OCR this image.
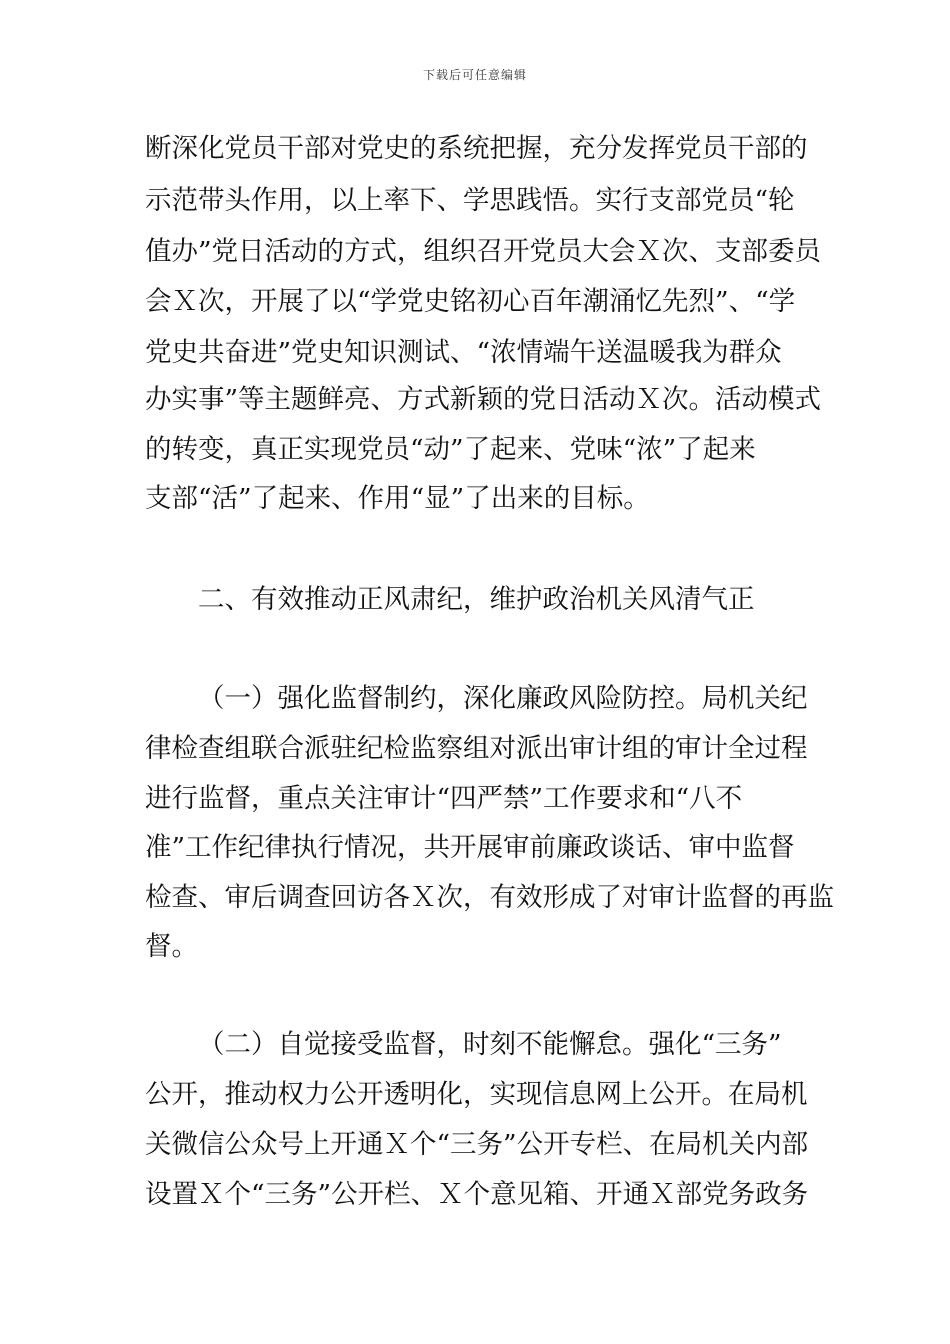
下载后可任意编辑
断深化党员干部对党史的系统把握，充分发挥党员干部的
示范带头作用，以上率下、学思践悟。实行支部党员“轮
值办”党日活动的方式，组织召开党员大会Ｘ次、支部委员
会Ｘ次，开展了以“学党史铭初心百年潮涌忆先烈”、“学
党史共奋进”党史知识测试、“浓情端午送温暖我为群众
办实事”等主题鲜亮、方式新颖的党日活动Ｘ次。活动模式
的转变，真正实现党员“动”了起来、党味“浓”了起来
支部“活”了起来、作用“显”了出来的目标。
二、有效推动正风肃纪，维护政治机关风清气正
（一）强化监督制约，深化廉政风险防控。局机关纪
律检查组联合派驻纪检监察组对派出审计组的审计全过程
进行监督，重点关注审计“四严禁”工作要求和“八不
准”工作纪律执行情况，共开展审前廉政谈话、审中监督
检查、审后调查回访各Ｘ次，有效形成了对审计监督的再监
督。
（二）自觉接受监督，时刻不能懈怠。强化“三务”
公开，推动权力公开透明化，实现信息网上公开。在局机
关微信公众号上开通Ｘ个“三务”公开专栏、在局机关内部
设置Ｘ个“三务”公开栏、Ｘ个意见箱、开通Ｘ部党务政务
